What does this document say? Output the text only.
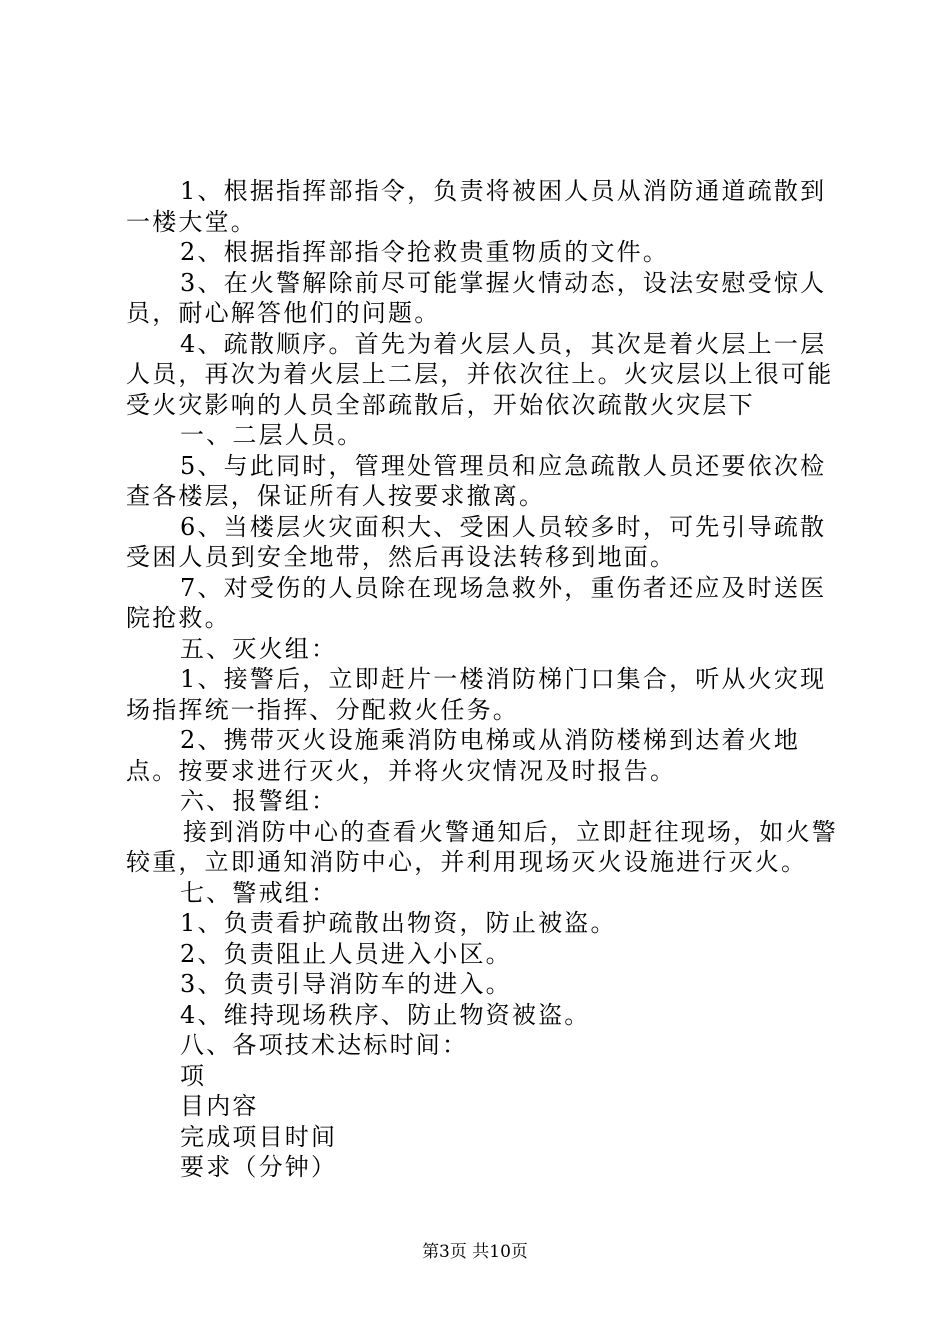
1、根据指挥部指令，负责将被困人员从消防通道疏散到一楼大堂。

2、根据指挥部指令抢救贵重物质的文件。

3、在火警解除前尽可能掌握火情动态，设法安慰受惊人员，耐心解答他们的问题。

4、疏散顺序。首先为着火层人员，其次是着火层上一层人员，再次为着火层上二层，并依次往上。火灾层以上很可能受火灾影响的人员全部疏散后，开始依次疏散火灾层下

一、二层人员。

5、与此同时，管理处管理员和应急疏散人员还要依次检查各楼层，保证所有人按要求撤离。

6、当楼层火灾面积大、受困人员较多时，可先引导疏散受困人员到安全地带，然后再设法转移到地面。

7、对受伤的人员除在现场急救外，重伤者还应及时送医院抢救。

五、灭火组：

1、接警后，立即赶片一楼消防梯门口集合，听从火灾现场指挥统一指挥、分配救火任务。

2、携带灭火设施乘消防电梯或从消防楼梯到达着火地点。按要求进行灭火，并将火灾情况及时报告。

六、报警组：

接到消防中心的查看火警通知后，立即赶往现场，如火警较重，立即通知消防中心，并利用现场灭火设施进行灭火。

七、警戒组：

1、负责看护疏散出物资，防止被盗。

2、负责阻止人员进入小区。

3、负责引导消防车的进入。

4、维持现场秩序、防止物资被盗。

八、各项技术达标时间：

项

目内容

完成项目时间

要求（分钟）

第3页 共10页
